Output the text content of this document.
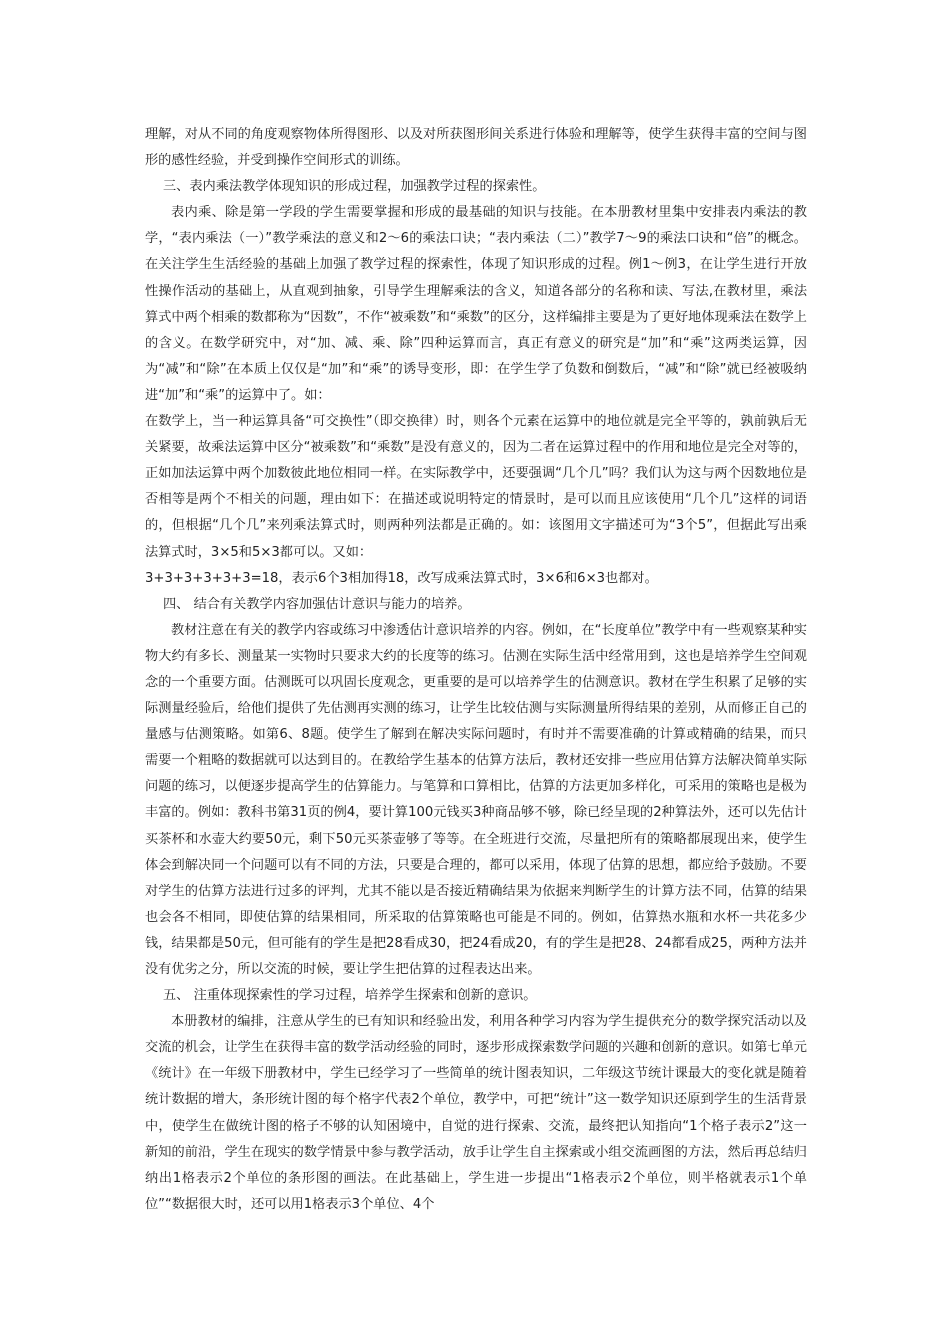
理解，对从不同的角度观察物体所得图形、以及对所获图形间关系进行体验和理解等，使学生获得丰富的空间与图形的感性经验，并受到操作空间形式的训练。

三、表内乘法教学体现知识的形成过程，加强教学过程的探索性。

表内乘、除是第一学段的学生需要掌握和形成的最基础的知识与技能。在本册教材里集中安排表内乘法的教学，“表内乘法（一）”教学乘法的意义和2～6的乘法口诀；“表内乘法（二）”教学7～9的乘法口诀和“倍”的概念。在关注学生生活经验的基础上加强了教学过程的探索性，体现了知识形成的过程。例1～例3，在让学生进行开放性操作活动的基础上，从直观到抽象，引导学生理解乘法的含义，知道各部分的名称和读、写法,在教材里，乘法算式中两个相乘的数都称为“因数”，不作“被乘数”和“乘数”的区分，这样编排主要是为了更好地体现乘法在数学上的含义。在数学研究中，对“加、减、乘、除”四种运算而言，真正有意义的研究是“加”和“乘”这两类运算，因为“减”和“除”在本质上仅仅是“加”和“乘”的诱导变形，即：在学生学了负数和倒数后，“减”和“除”就已经被吸纳进“加”和“乘”的运算中了。如：

在数学上，当一种运算具备“可交换性”（即交换律）时，则各个元素在运算中的地位就是完全平等的，孰前孰后无关紧要，故乘法运算中区分“被乘数”和“乘数”是没有意义的，因为二者在运算过程中的作用和地位是完全对等的，正如加法运算中两个加数彼此地位相同一样。在实际教学中，还要强调“几个几”吗？我们认为这与两个因数地位是否相等是两个不相关的问题，理由如下：在描述或说明特定的情景时，是可以而且应该使用“几个几”这样的词语的，但根据“几个几”来列乘法算式时，则两种列法都是正确的。如：该图用文字描述可为“3个5”，但据此写出乘法算式时，3×5和5×3都可以。又如：

3+3+3+3+3+3=18，表示6个3相加得18，改写成乘法算式时，3×6和6×3也都对。

四、 结合有关教学内容加强估计意识与能力的培养。

教材注意在有关的教学内容或练习中渗透估计意识培养的内容。例如，在“长度单位”教学中有一些观察某种实物大约有多长、测量某一实物时只要求大约的长度等的练习。估测在实际生活中经常用到，这也是培养学生空间观念的一个重要方面。估测既可以巩固长度观念，更重要的是可以培养学生的估测意识。教材在学生积累了足够的实际测量经验后，给他们提供了先估测再实测的练习，让学生比较估测与实际测量所得结果的差别，从而修正自己的量感与估测策略。如第6、8题。使学生了解到在解决实际问题时，有时并不需要准确的计算或精确的结果，而只需要一个粗略的数据就可以达到目的。在教给学生基本的估算方法后，教材还安排一些应用估算方法解决简单实际问题的练习，以便逐步提高学生的估算能力。与笔算和口算相比，估算的方法更加多样化，可采用的策略也是极为丰富的。例如：教科书第31页的例4，要计算100元钱买3种商品够不够，除已经呈现的2种算法外，还可以先估计买茶杯和水壶大约要50元，剩下50元买茶壶够了等等。在全班进行交流，尽量把所有的策略都展现出来，使学生体会到解决同一个问题可以有不同的方法，只要是合理的，都可以采用，体现了估算的思想，都应给予鼓励。不要对学生的估算方法进行过多的评判，尤其不能以是否接近精确结果为依据来判断学生的计算方法不同，估算的结果也会各不相同，即使估算的结果相同，所采取的估算策略也可能是不同的。例如，估算热水瓶和水杯一共花多少钱，结果都是50元，但可能有的学生是把28看成30，把24看成20，有的学生是把28、24都看成25，两种方法并没有优劣之分，所以交流的时候，要让学生把估算的过程表达出来。

五、 注重体现探索性的学习过程，培养学生探索和创新的意识。

本册教材的编排，注意从学生的已有知识和经验出发，利用各种学习内容为学生提供充分的数学探究活动以及交流的机会，让学生在获得丰富的数学活动经验的同时，逐步形成探索数学问题的兴趣和创新的意识。如第七单元《统计》在一年级下册教材中，学生已经学习了一些简单的统计图表知识，二年级这节统计课最大的变化就是随着统计数据的增大，条形统计图的每个格字代表2个单位，教学中，可把“统计”这一数学知识还原到学生的生活背景中，使学生在做统计图的格子不够的认知困境中，自觉的进行探索、交流，最终把认知指向“1个格子表示2”这一新知的前沿，学生在现实的数学情景中参与教学活动，放手让学生自主探索或小组交流画图的方法，然后再总结归纳出1格表示2个单位的条形图的画法。在此基础上，学生进一步提出“1格表示2个单位，则半格就表示1个单位”“数据很大时，还可以用1格表示3个单位、4个
